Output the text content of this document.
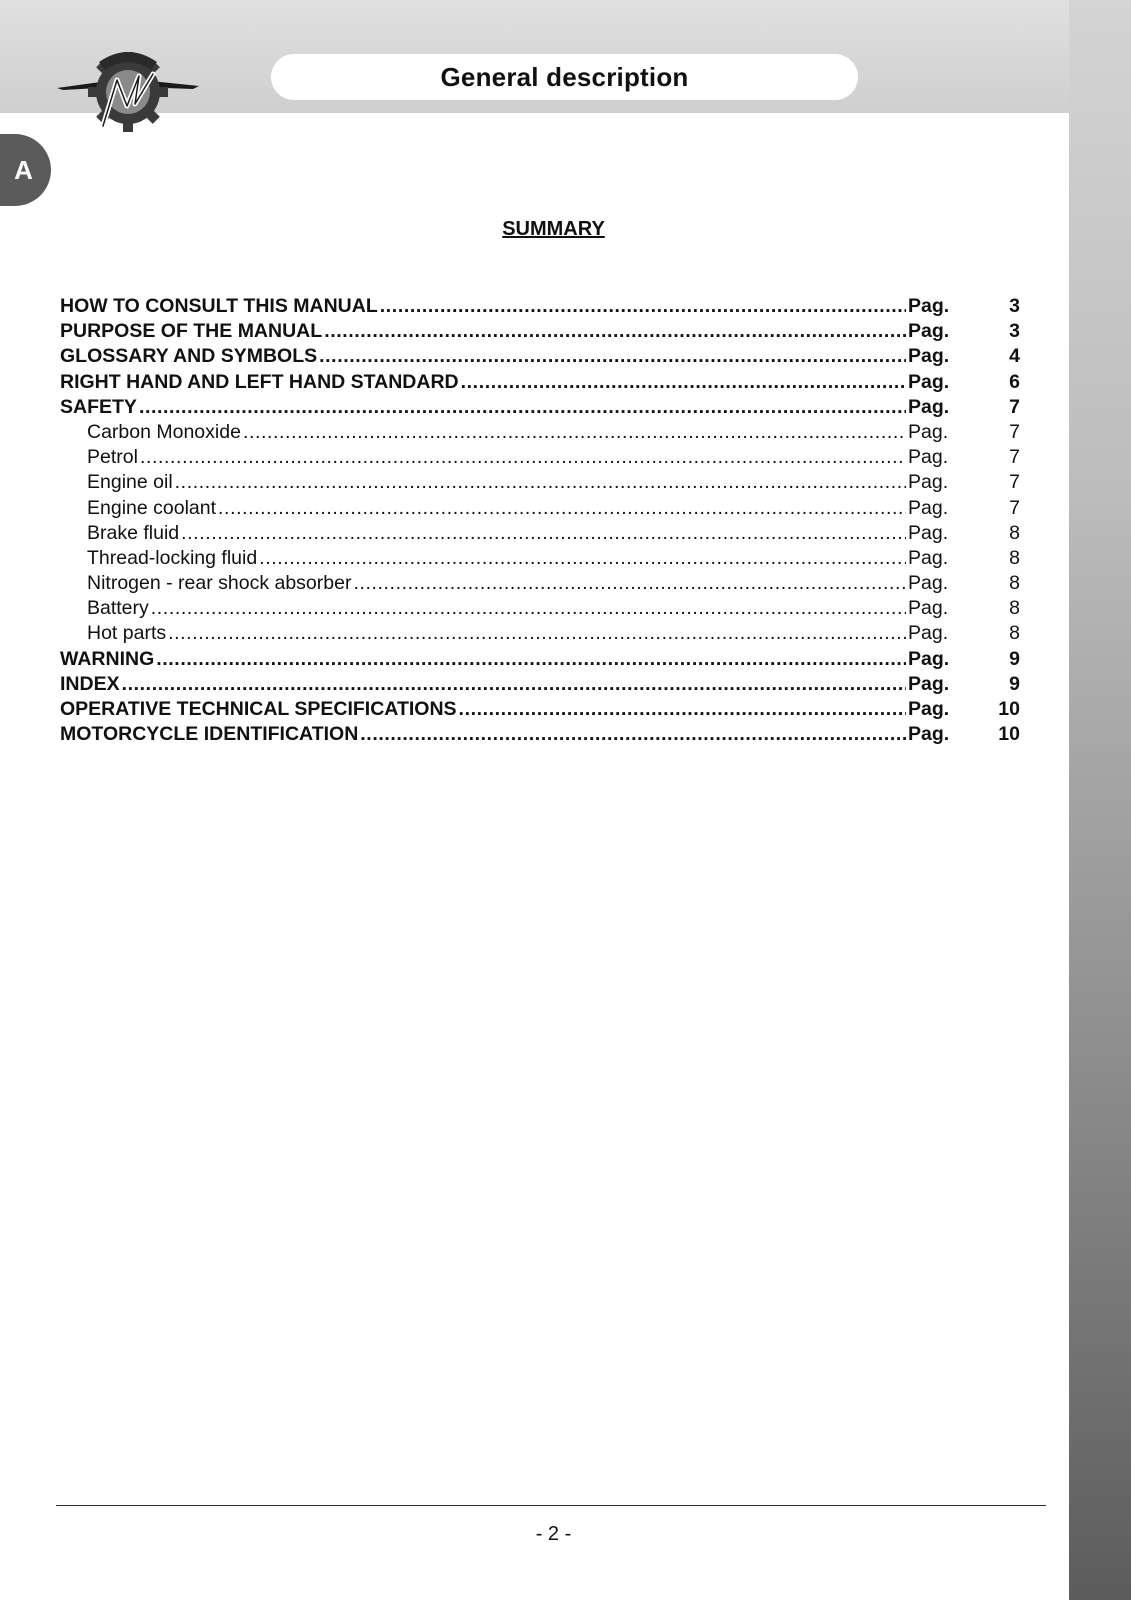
General description
A
SUMMARY
HOW TO CONSULT THIS MANUAL .....	Pag.	3
PURPOSE OF THE MANUAL .....	Pag.	3
GLOSSARY AND SYMBOLS .....	Pag.	4
RIGHT HAND AND LEFT HAND STANDARD .....	Pag.	6
SAFETY .....	Pag.	7
Carbon Monoxide .....	Pag.	7
Petrol .....	Pag.	7
Engine oil .....	Pag.	7
Engine coolant .....	Pag.	7
Brake fluid .....	Pag.	8
Thread-locking fluid .....	Pag.	8
Nitrogen - rear shock absorber .....	Pag.	8
Battery .....	Pag.	8
Hot parts .....	Pag.	8
WARNING .....	Pag.	9
INDEX .....	Pag.	9
OPERATIVE TECHNICAL SPECIFICATIONS .....	Pag.	10
MOTORCYCLE IDENTIFICATION .....	Pag.	10
- 2 -
